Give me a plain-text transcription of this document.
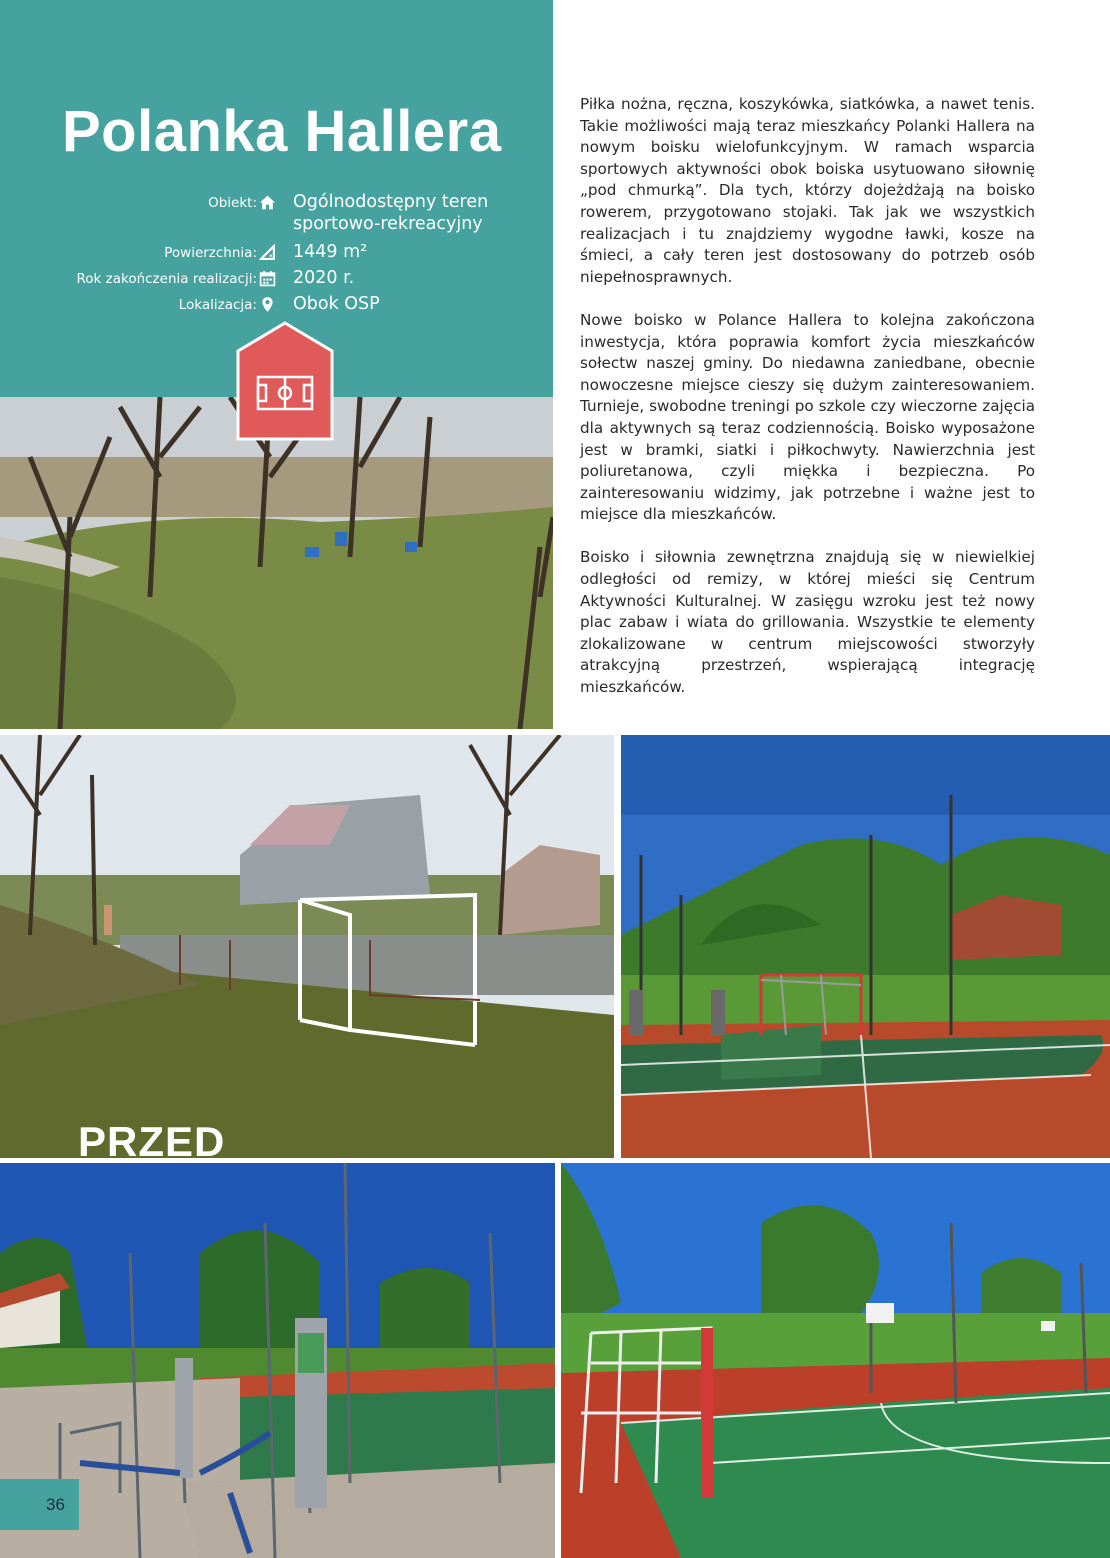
Polanka Hallera
Obiekt: Ogólnodostępny teren sportowo-rekreacyjny
Powierzchnia: 1449 m²
Rok zakończenia realizacji: 2020 r.
Lokalizacja: Obok OSP
PRZED

Piłka nożna, ręczna, koszykówka, siatkówka, a nawet tenis. Takie możliwości mają teraz mieszkańcy Polanki Hallera na nowym boisku wielofunkcyjnym. W ramach wsparcia sportowych aktywności obok boiska usytuowano siłownię „pod chmurką”. Dla tych, którzy dojeżdżają na boisko rowerem, przygotowano stojaki. Tak jak we wszystkich realizacjach i tu znajdziemy wygodne ławki, kosze na śmieci, a cały teren jest dostosowany do potrzeb osób niepełnosprawnych.

Nowe boisko w Polance Hallera to kolejna zakończona inwestycja, która poprawia komfort życia mieszkańców sołectw naszej gminy. Do niedawna zaniedbane, obecnie nowoczesne miejsce cieszy się dużym zainteresowaniem. Turnieje, swobodne treningi po szkole czy wieczorne zajęcia dla aktywnych są teraz codziennością. Boisko wyposażone jest w bramki, siatki i piłkochwyty. Nawierzchnia jest poliuretanowa, czyli miękka i bezpieczna. Po zainteresowaniu widzimy, jak potrzebne i ważne jest to miejsce dla mieszkańców.

Boisko i siłownia zewnętrzna znajdują się w niewielkiej odległości od remizy, w której mieści się Centrum Aktywności Kulturalnej. W zasięgu wzroku jest też nowy plac zabaw i wiata do grillowania. Wszystkie te elementy zlokalizowane w centrum miejscowości stworzyły atrakcyjną przestrzeń, wspierającą integrację mieszkańców.

36
